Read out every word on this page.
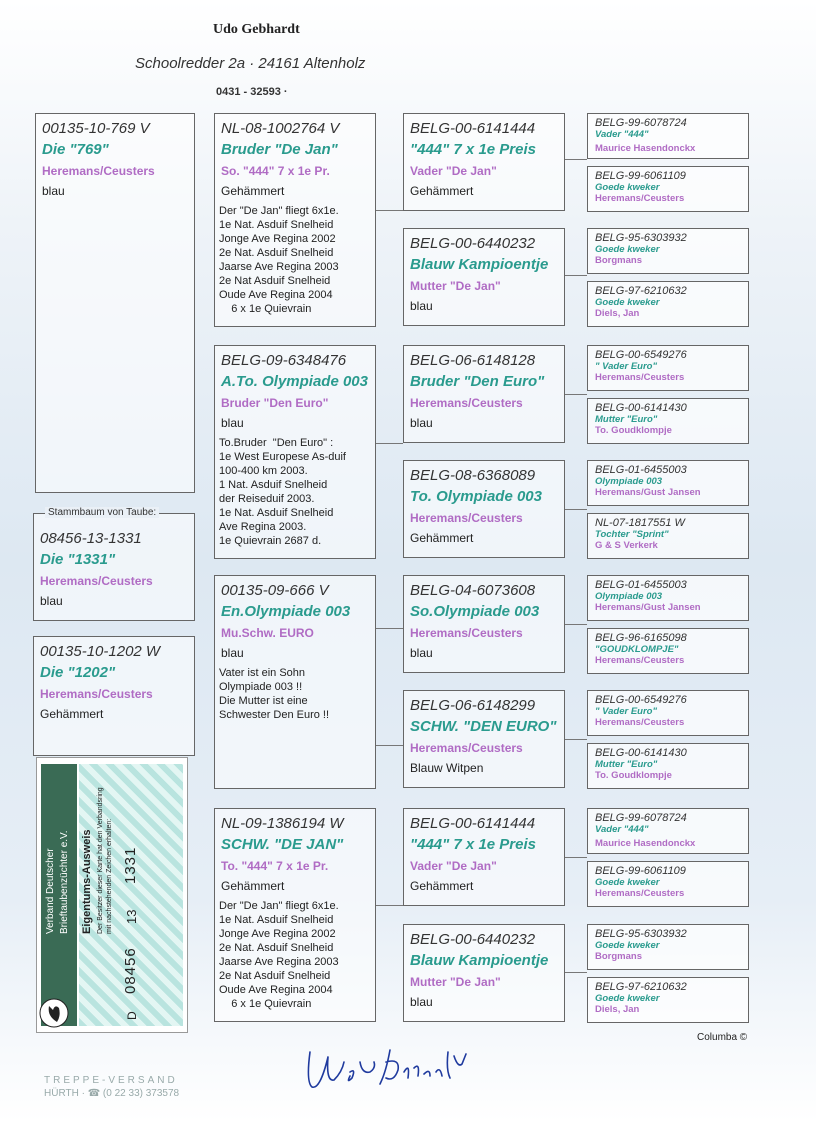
Udo Gebhardt
Schoolredder 2a · 24161 Altenholz
0431 - 32593 ·
00135-10-769 V
Die "769"
Heremans/Ceusters
blau
08456-13-1331
Die "1331"
Heremans/Ceusters
blau
Stammbaum von Taube:
00135-10-1202 W
Die "1202"
Heremans/Ceusters
Gehämmert
NL-08-1002764 V
Bruder "De Jan"
So. "444" 7 x 1e Pr.
Gehämmert
Der "De Jan" fliegt 6x1e.
1e Nat. Asduif Snelheid
Jonge Ave Regina 2002
2e Nat. Asduif Snelheid
Jaarse Ave Regina 2003
2e Nat Asduif Snelheid
Oude Ave Regina 2004
6 x 1e Quievrain
BELG-09-6348476
A.To. Olympiade 003
Bruder "Den Euro"
blau
To.Bruder  "Den Euro" :
1e West Europese As-duif
100-400 km 2003.
1 Nat. Asduif Snelheid
der Reiseduif 2003.
1e Nat. Asduif Snelheid
Ave Regina 2003.
1e Quievrain 2687 d.
00135-09-666 V
En.Olympiade 003
Mu.Schw. EURO
blau
Vater ist ein Sohn
Olympiade 003 !!
Die Mutter ist eine
Schwester Den Euro !!
NL-09-1386194 W
SCHW. "DE JAN"
To. "444" 7 x 1e Pr.
Gehämmert
Der "De Jan" fliegt 6x1e.
1e Nat. Asduif Snelheid
Jonge Ave Regina 2002
2e Nat. Asduif Snelheid
Jaarse Ave Regina 2003
2e Nat Asduif Snelheid
Oude Ave Regina 2004
6 x 1e Quievrain
BELG-00-6141444
"444" 7 x 1e Preis
Vader "De Jan"
Gehämmert
BELG-00-6440232
Blauw Kampioentje
Mutter "De Jan"
blau
BELG-06-6148128
Bruder "Den Euro"
Heremans/Ceusters
blau
BELG-08-6368089
To. Olympiade 003
Heremans/Ceusters
Gehämmert
BELG-04-6073608
So.Olympiade 003
Heremans/Ceusters
blau
BELG-06-6148299
SCHW. "DEN EURO"
Heremans/Ceusters
Blauw Witpen
BELG-00-6141444
"444" 7 x 1e Preis
Vader "De Jan"
Gehämmert
BELG-00-6440232
Blauw Kampioentje
Mutter "De Jan"
blau
BELG-99-6078724
Vader "444"
Maurice Hasendonckx
BELG-99-6061109
Goede kweker
Heremans/Ceusters
BELG-95-6303932
Goede kweker
Borgmans
BELG-97-6210632
Goede kweker
Diels, Jan
BELG-00-6549276
" Vader Euro"
Heremans/Ceusters
BELG-00-6141430
Mutter "Euro"
To. Goudklompje
BELG-01-6455003
Olympiade 003
Heremans/Gust Jansen
NL-07-1817551 W
Tochter "Sprint"
G & S Verkerk
BELG-01-6455003
Olympiade 003
Heremans/Gust Jansen
BELG-96-6165098
"GOUDKLOMPJE"
Heremans/Ceusters
BELG-00-6549276
" Vader Euro"
Heremans/Ceusters
BELG-00-6141430
Mutter "Euro"
To. Goudklompje
BELG-99-6078724
Vader "444"
Maurice Hasendonckx
BELG-99-6061109
Goede kweker
Heremans/Ceusters
BELG-95-6303932
Goede kweker
Borgmans
BELG-97-6210632
Goede kweker
Diels, Jan
Verband Deutscher Brieftaubenzüchter e.V. Eigentums-Ausweis Der Besitzer dieser Karte hat den Verbandsring mit nachstehenden Zeichen erhalten:
D
08456
13
1331
Columba ©
TREPPE-VERSAND
HÜRTH · ☎ (0 22 33) 373578
